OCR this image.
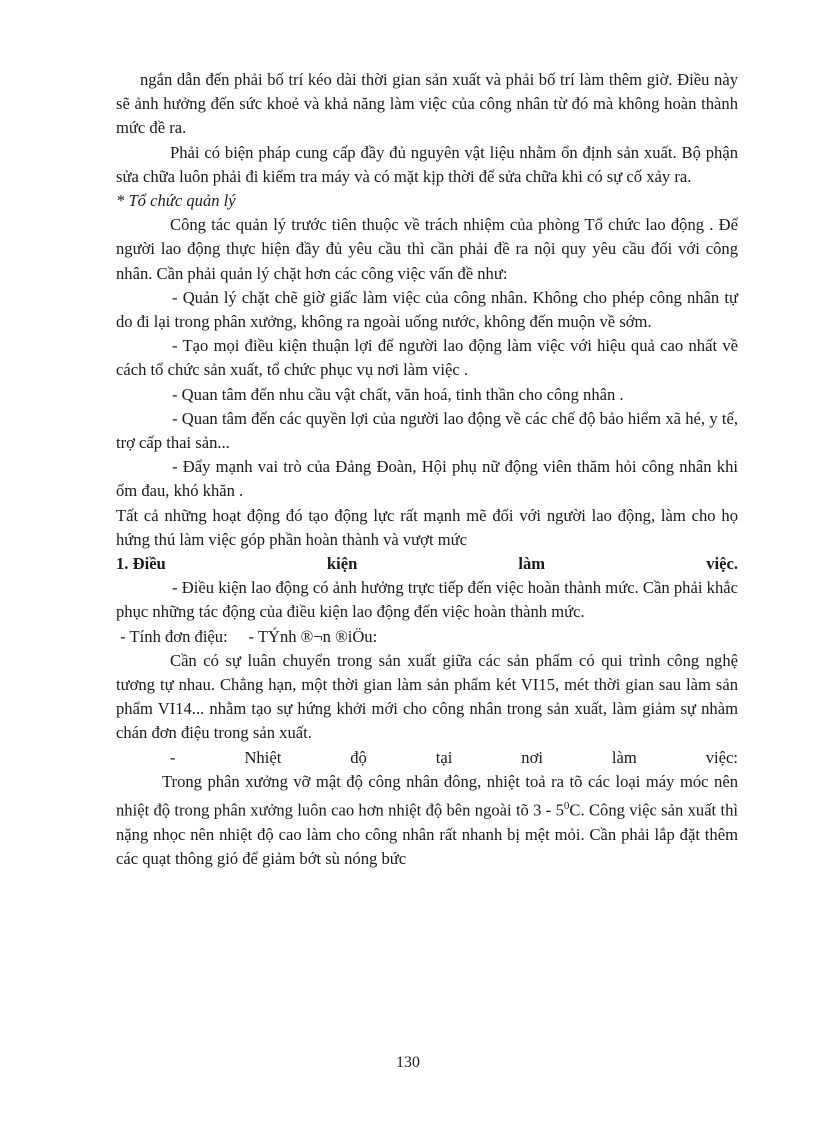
ngắn dẫn đến phải bố trí kéo dài thời gian sản xuất và phải bố trí làm thêm giờ. Điều này sẽ ảnh hưởng đến sức khoẻ và khả năng làm việc của công nhân từ đó mà không hoàn thành mức đề ra.

Phải có biện pháp cung cấp đầy đủ nguyên vật liệu nhằm ổn định sản xuất. Bộ phận sửa chữa luôn phải đi kiểm tra máy và có mặt kịp thời để sửa chữa khi có sự cố xảy ra.

* Tổ chức quản lý

Công tác quản lý trước tiên thuộc về trách nhiệm của phòng Tổ chức lao động . Để người lao động thực hiện đầy đủ yêu cầu thì cần phải đề ra nội quy yêu cầu đối với công nhân. Cần phải quản lý chặt hơn các công việc vấn đề như:

- Quản lý chặt chẽ giờ giấc làm việc của công nhân. Không cho phép công nhân tự do đi lại trong phân xưởng, không ra ngoài uống nước, không đến muộn về sớm.

- Tạo mọi điều kiện thuận lợi để người lao động làm việc với hiệu quả cao nhất về cách tổ chức sản xuất, tổ chức phục vụ nơi làm việc .

- Quan tâm đến nhu cầu vật chất, văn hoá, tinh thần cho công nhân .

- Quan tâm đến các quyền lợi của người lao động về các chế độ bảo hiểm xã hé, y tế, trợ cấp thai sản...

- Đẩy mạnh vai trò của Đảng Đoàn, Hội phụ nữ động viên thăm hỏi công nhân khi ốm đau, khó khăn .

Tất cả những hoạt động đó tạo động lực rất mạnh mẽ đối với người lao động, làm cho họ hứng thú làm việc góp phần hoàn thành và vượt mức

1. Điều	kiện	làm	việc.

- Điều kiện lao động có ảnh hưởng trực tiếp đến việc hoàn thành mức. Cần phải khắc phục những tác động của điều kiện lao động đến việc hoàn thành mức.

- Tính đơn điệu:     - TÝnh ®¬n ®iÖu:

Cần có sự luân chuyển trong sản xuất giữa các sản phẩm có qui trình công nghệ tương tự nhau. Chẳng hạn, một thời gian làm sản phẩm két VI15, mét thời gian sau làm sản phẩm VI14... nhằm tạo sự hứng khởi mới cho công nhân trong sản xuất, làm giảm sự nhàm chán đơn điệu trong sản xuất.

-	Nhiệt	độ	tại	nơi	làm	việc:

Trong phân xưởng vỡ mật độ công nhân đông, nhiệt toả ra tõ các loại máy móc nên nhiệt độ trong phân xưởng luôn cao hơn nhiệt độ bên ngoài tõ $3 - 5^0C$. Công việc sản xuất thì nặng nhọc nên nhiệt độ cao làm cho công nhân rất nhanh bị mệt mỏi. Cần phải lắp đặt thêm các quạt thông gió để giảm bớt sù nóng bức

130
